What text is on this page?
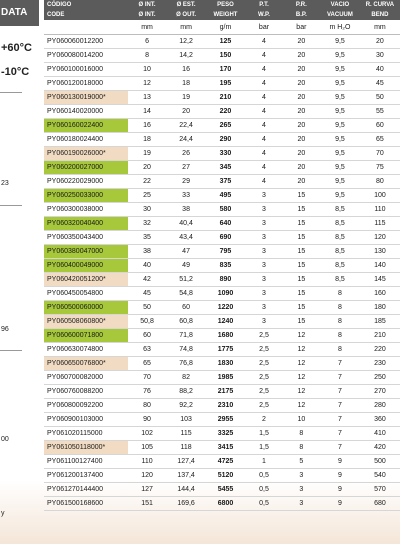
DATA
+60°C
-10°C
23
96
00
y
CÓDIGO	Ø INT.	Ø EST.	PESO	P.T.	P.R.	VACIO	R. CURVA
CODE	Ø INT.	Ø OUT.	WEIGHT	W.P.	B.P.	VACUUM	BEND
	mm	mm	g/m	bar	bar	m H₂O	mm
PY060060012200	6	12,2	125	4	20	9,5	20
PY060080014200	8	14,2	150	4	20	9,5	30
PY060100016000	10	16	170	4	20	9,5	40
PY060120018000	12	18	195	4	20	9,5	45
PY060130019000*	13	19	210	4	20	9,5	50
PY060140020000	14	20	220	4	20	9,5	55
PY060160022400	16	22,4	265	4	20	9,5	60
PY060180024400	18	24,4	290	4	20	9,5	65
PY060190026000*	19	26	330	4	20	9,5	70
PY060200027000	20	27	345	4	20	9,5	75
PY060220029000	22	29	375	4	20	9,5	80
PY060250033000	25	33	495	3	15	9,5	100
PY060300038000	30	38	580	3	15	8,5	110
PY060320040400	32	40,4	640	3	15	8,5	115
PY060350043400	35	43,4	690	3	15	8,5	120
PY060380047000	38	47	795	3	15	8,5	130
PY060400049000	40	49	835	3	15	8,5	140
PY060420051200*	42	51,2	890	3	15	8,5	145
PY060450054800	45	54,8	1090	3	15	8	160
PY060500060000	50	60	1220	3	15	8	180
PY060508060800*	50,8	60,8	1240	3	15	8	185
PY060600071800	60	71,8	1680	2,5	12	8	210
PY060630074800	63	74,8	1775	2,5	12	8	220
PY060650076800*	65	76,8	1830	2,5	12	7	230
PY060700082000	70	82	1985	2,5	12	7	250
PY060760088200	76	88,2	2175	2,5	12	7	270
PY060800092200	80	92,2	2310	2,5	12	7	280
PY060900103000	90	103	2955	2	10	7	360
PY061020115000	102	115	3325	1,5	8	7	410
PY061050118000*	105	118	3415	1,5	8	7	420
PY061100127400	110	127,4	4725	1	5	9	500
PY061200137400	120	137,4	5120	0,5	3	9	540
PY061270144400	127	144,4	5455	0,5	3	9	570
PY061500168600	151	169,6	6800	0,5	3	9	680
